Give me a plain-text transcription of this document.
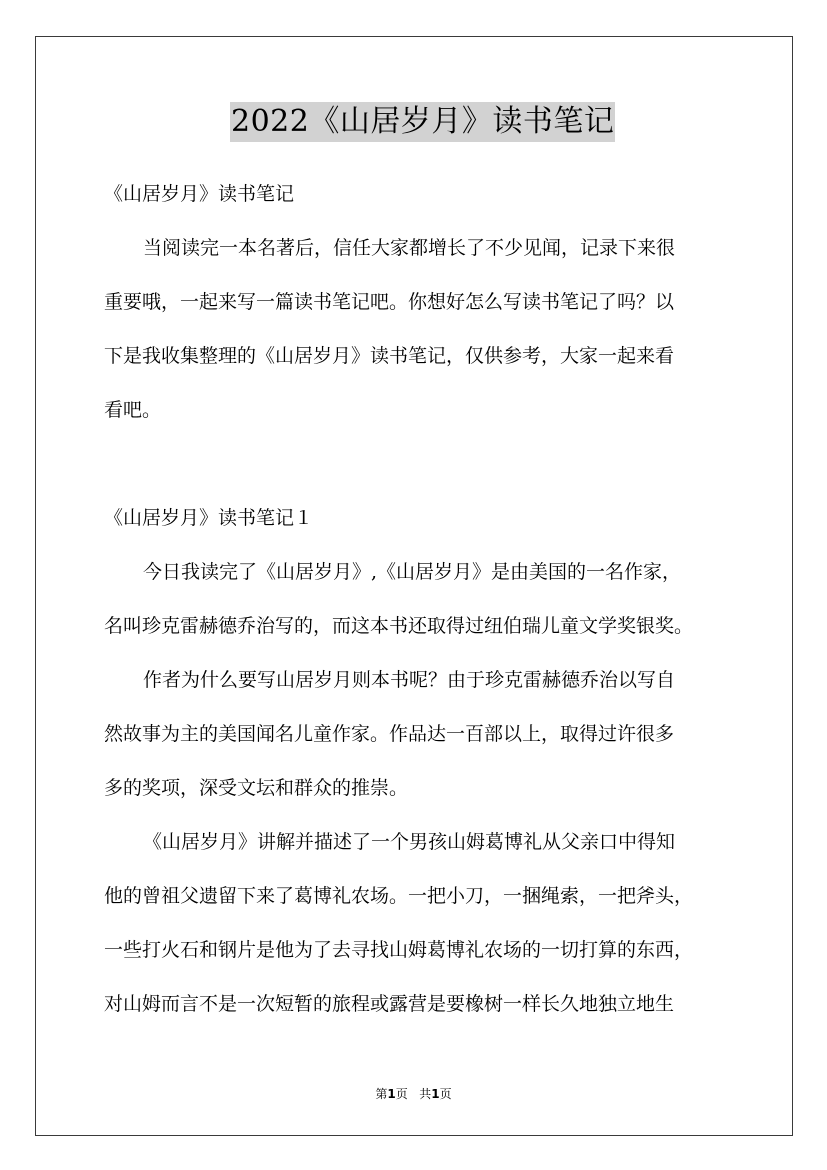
2022《山居岁月》读书笔记
《山居岁月》读书笔记
当阅读完一本名著后，信任大家都增长了不少见闻，记录下来很
重要哦，一起来写一篇读书笔记吧。你想好怎么写读书笔记了吗？以
下是我收集整理的《山居岁月》读书笔记，仅供参考，大家一起来看
看吧。
《山居岁月》读书笔记１
今日我读完了《山居岁月》,《山居岁月》是由美国的一名作家，
名叫珍克雷赫德乔治写的，而这本书还取得过纽伯瑞儿童文学奖银奖。
作者为什么要写山居岁月则本书呢？由于珍克雷赫德乔治以写自
然故事为主的美国闻名儿童作家。作品达一百部以上，取得过许很多
多的奖项，深受文坛和群众的推崇。
《山居岁月》讲解并描述了一个男孩山姆葛博礼从父亲口中得知
他的曾祖父遗留下来了葛博礼农场。一把小刀，一捆绳索，一把斧头，
一些打火石和钢片是他为了去寻找山姆葛博礼农场的一切打算的东西，
对山姆而言不是一次短暂的旅程或露营是要橡树一样长久地独立地生
第1页 共1页
